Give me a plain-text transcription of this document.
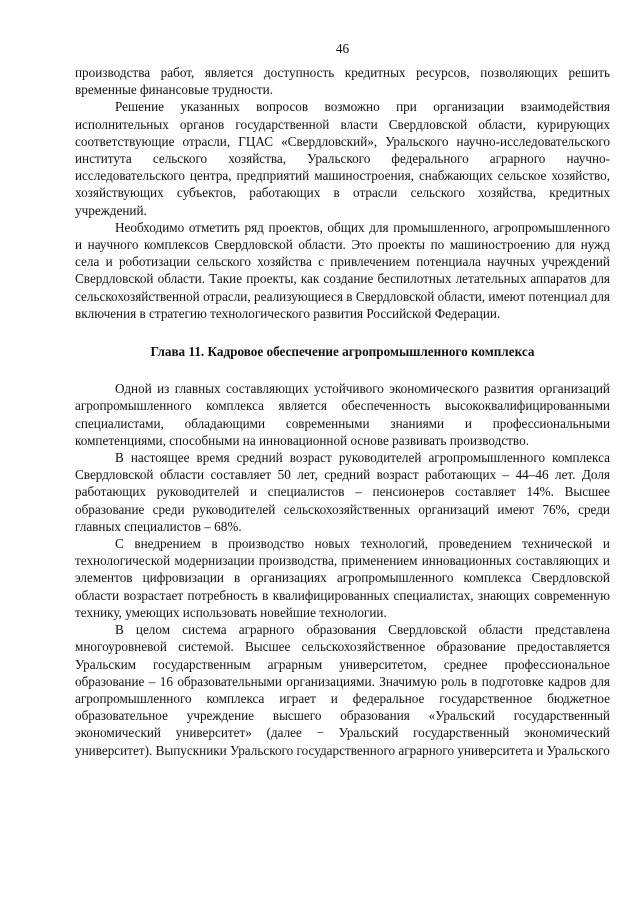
46

производства работ, является доступность кредитных ресурсов, позволяющих решить временные финансовые трудности.

Решение указанных вопросов возможно при организации взаимодействия исполнительных органов государственной власти Свердловской области, курирующих соответствующие отрасли, ГЦАС «Свердловский», Уральского научно-исследовательского института сельского хозяйства, Уральского федерального аграрного научно-исследовательского центра, предприятий машиностроения, снабжающих сельское хозяйство, хозяйствующих субъектов, работающих в отрасли сельского хозяйства, кредитных учреждений.

Необходимо отметить ряд проектов, общих для промышленного, агропромышленного и научного комплексов Свердловской области. Это проекты по машиностроению для нужд села и роботизации сельского хозяйства с привлечением потенциала научных учреждений Свердловской области. Такие проекты, как создание беспилотных летательных аппаратов для сельскохозяйственной отрасли, реализующиеся в Свердловской области, имеют потенциал для включения в стратегию технологического развития Российской Федерации.

Глава 11. Кадровое обеспечение агропромышленного комплекса

Одной из главных составляющих устойчивого экономического развития организаций агропромышленного комплекса является обеспеченность высококвалифицированными специалистами, обладающими современными знаниями и профессиональными компетенциями, способными на инновационной основе развивать производство.

В настоящее время средний возраст руководителей агропромышленного комплекса Свердловской области составляет 50 лет, средний возраст работающих – 44–46 лет. Доля работающих руководителей и специалистов – пенсионеров составляет 14%. Высшее образование среди руководителей сельскохозяйственных организаций имеют 76%, среди главных специалистов – 68%.

С внедрением в производство новых технологий, проведением технической и технологической модернизации производства, применением инновационных составляющих и элементов цифровизации в организациях агропромышленного комплекса Свердловской области возрастает потребность в квалифицированных специалистах, знающих современную технику, умеющих использовать новейшие технологии.

В целом система аграрного образования Свердловской области представлена многоуровневой системой. Высшее сельскохозяйственное образование предоставляется Уральским государственным аграрным университетом, среднее профессиональное образование – 16 образовательными организациями. Значимую роль в подготовке кадров для агропромышленного комплекса играет и федеральное государственное бюджетное образовательное учреждение высшего образования «Уральский государственный экономический университет» (далее − Уральский государственный экономический университет). Выпускники Уральского государственного аграрного университета и Уральского
